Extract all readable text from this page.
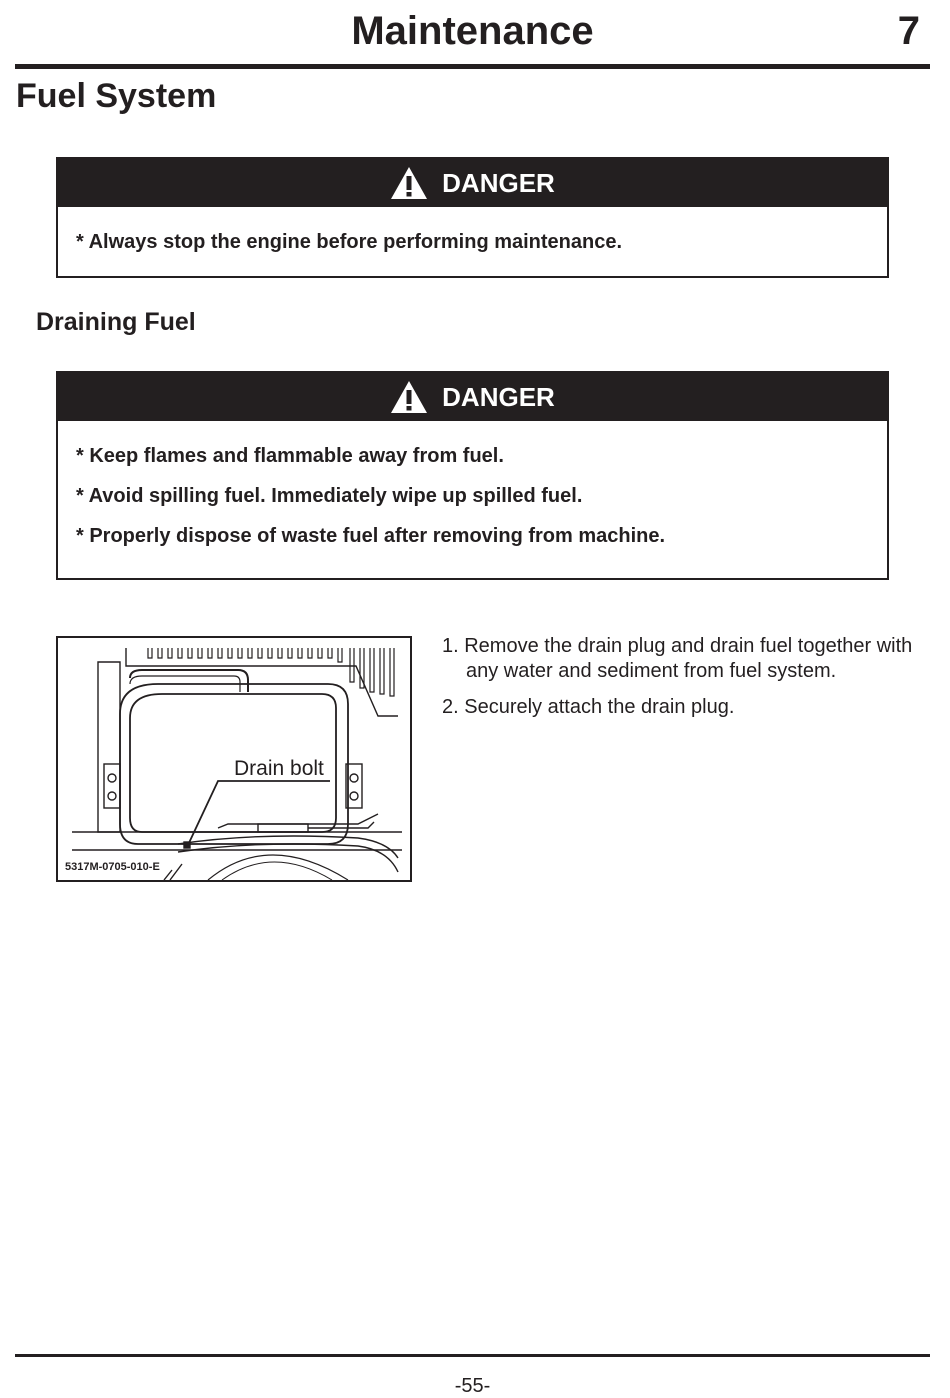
Maintenance	7
Fuel System
DANGER
* Always stop the engine before performing maintenance.
Draining Fuel
DANGER
* Keep flames and flammable away from fuel.
* Avoid spilling fuel. Immediately wipe up spilled fuel.
* Properly dispose of waste fuel after removing from machine.
Drain bolt
5317M-0705-010-E
1. Remove the drain plug and drain fuel together with any water and sediment from fuel system.
2. Securely attach the drain plug.
-55-
